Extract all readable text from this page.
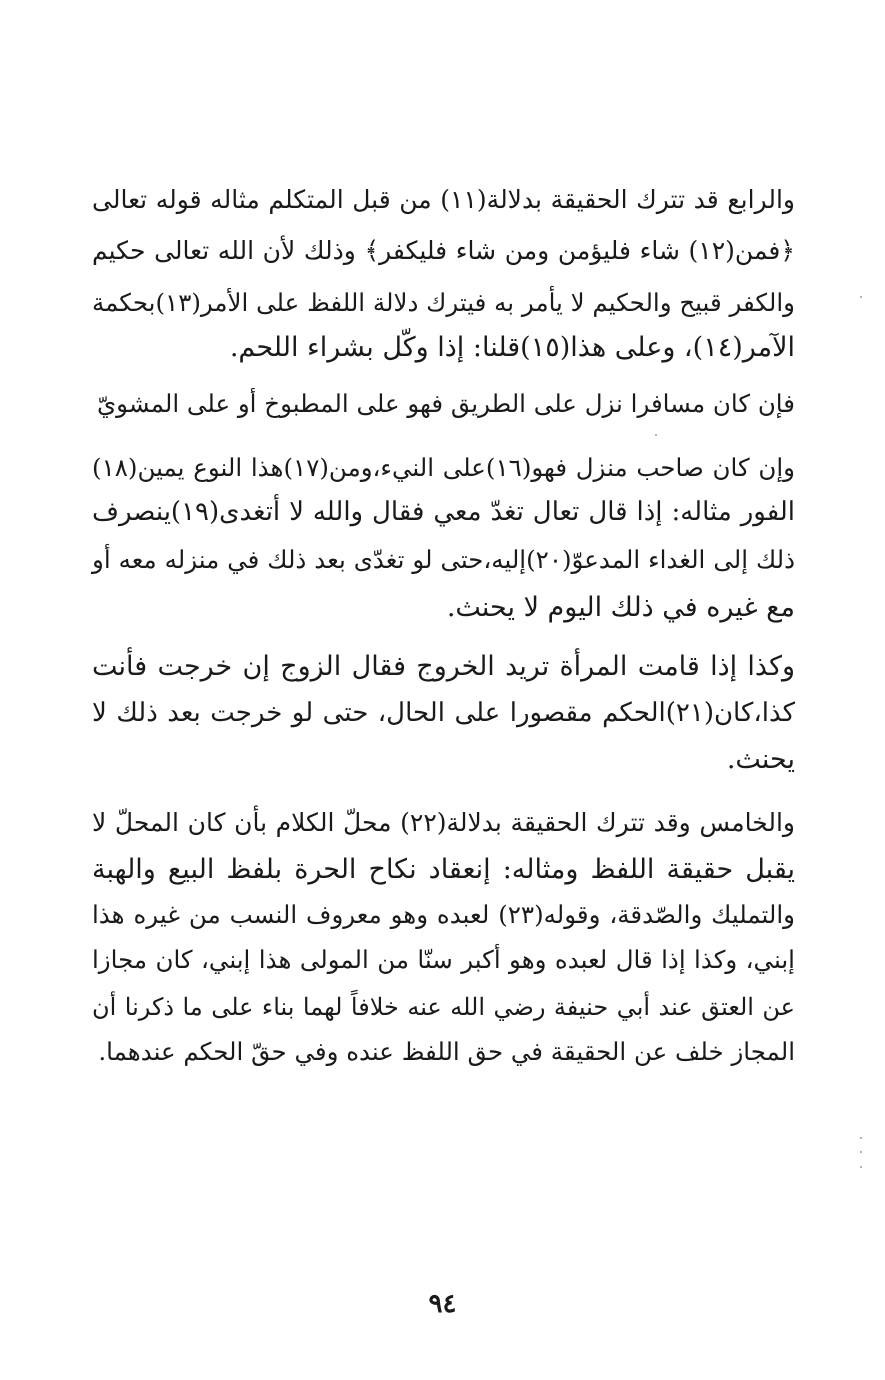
والرابع قد تترك الحقيقة بدلالة(١١) من قبل المتكلم مثاله قوله تعالى
﴿فمن(١٢) شاء فليؤمن ومن شاء فليكفر﴾ وذلك لأن الله تعالى حكيم
والكفر قبيح والحكيم لا يأمر به فيترك دلالة اللفظ على الأمر(١٣)بحكمة
الآمر(١٤)، وعلى هذا(١٥)قلنا: إذا وكّل بشراء اللحم.
فإن كان مسافرا نزل على الطريق فهو على المطبوخ أو على المشويّ
وإن كان صاحب منزل فهو(١٦)على النيء،ومن(١٧)هذا النوع يمين(١٨)
الفور مثاله: إذا قال تعال تغدّ معي فقال والله لا أتغدى(١٩)ينصرف
ذلك إلى الغداء المدعوّ(٢٠)إليه،حتى لو تغدّى بعد ذلك في منزله معه أو
مع غيره في ذلك اليوم لا يحنث.
وكذا إذا قامت المرأة تريد الخروج فقال الزوج إن خرجت فأنت
كذا،كان(٢١)الحكم مقصورا على الحال، حتى لو خرجت بعد ذلك لا
يحنث.
والخامس وقد تترك الحقيقة بدلالة(٢٢) محلّ الكلام بأن كان المحلّ لا
يقبل حقيقة اللفظ ومثاله: إنعقاد نكاح الحرة بلفظ البيع والهبة
والتمليك والصّدقة، وقوله(٢٣) لعبده وهو معروف النسب من غيره هذا
إبني، وكذا إذا قال لعبده وهو أكبر سنّا من المولى هذا إبني، كان مجازا
عن العتق عند أبي حنيفة رضي الله عنه خلافاً لهما بناء على ما ذكرنا أن
المجاز خلف عن الحقيقة في حق اللفظ عنده وفي حقّ الحكم عندهما.
٩٤
